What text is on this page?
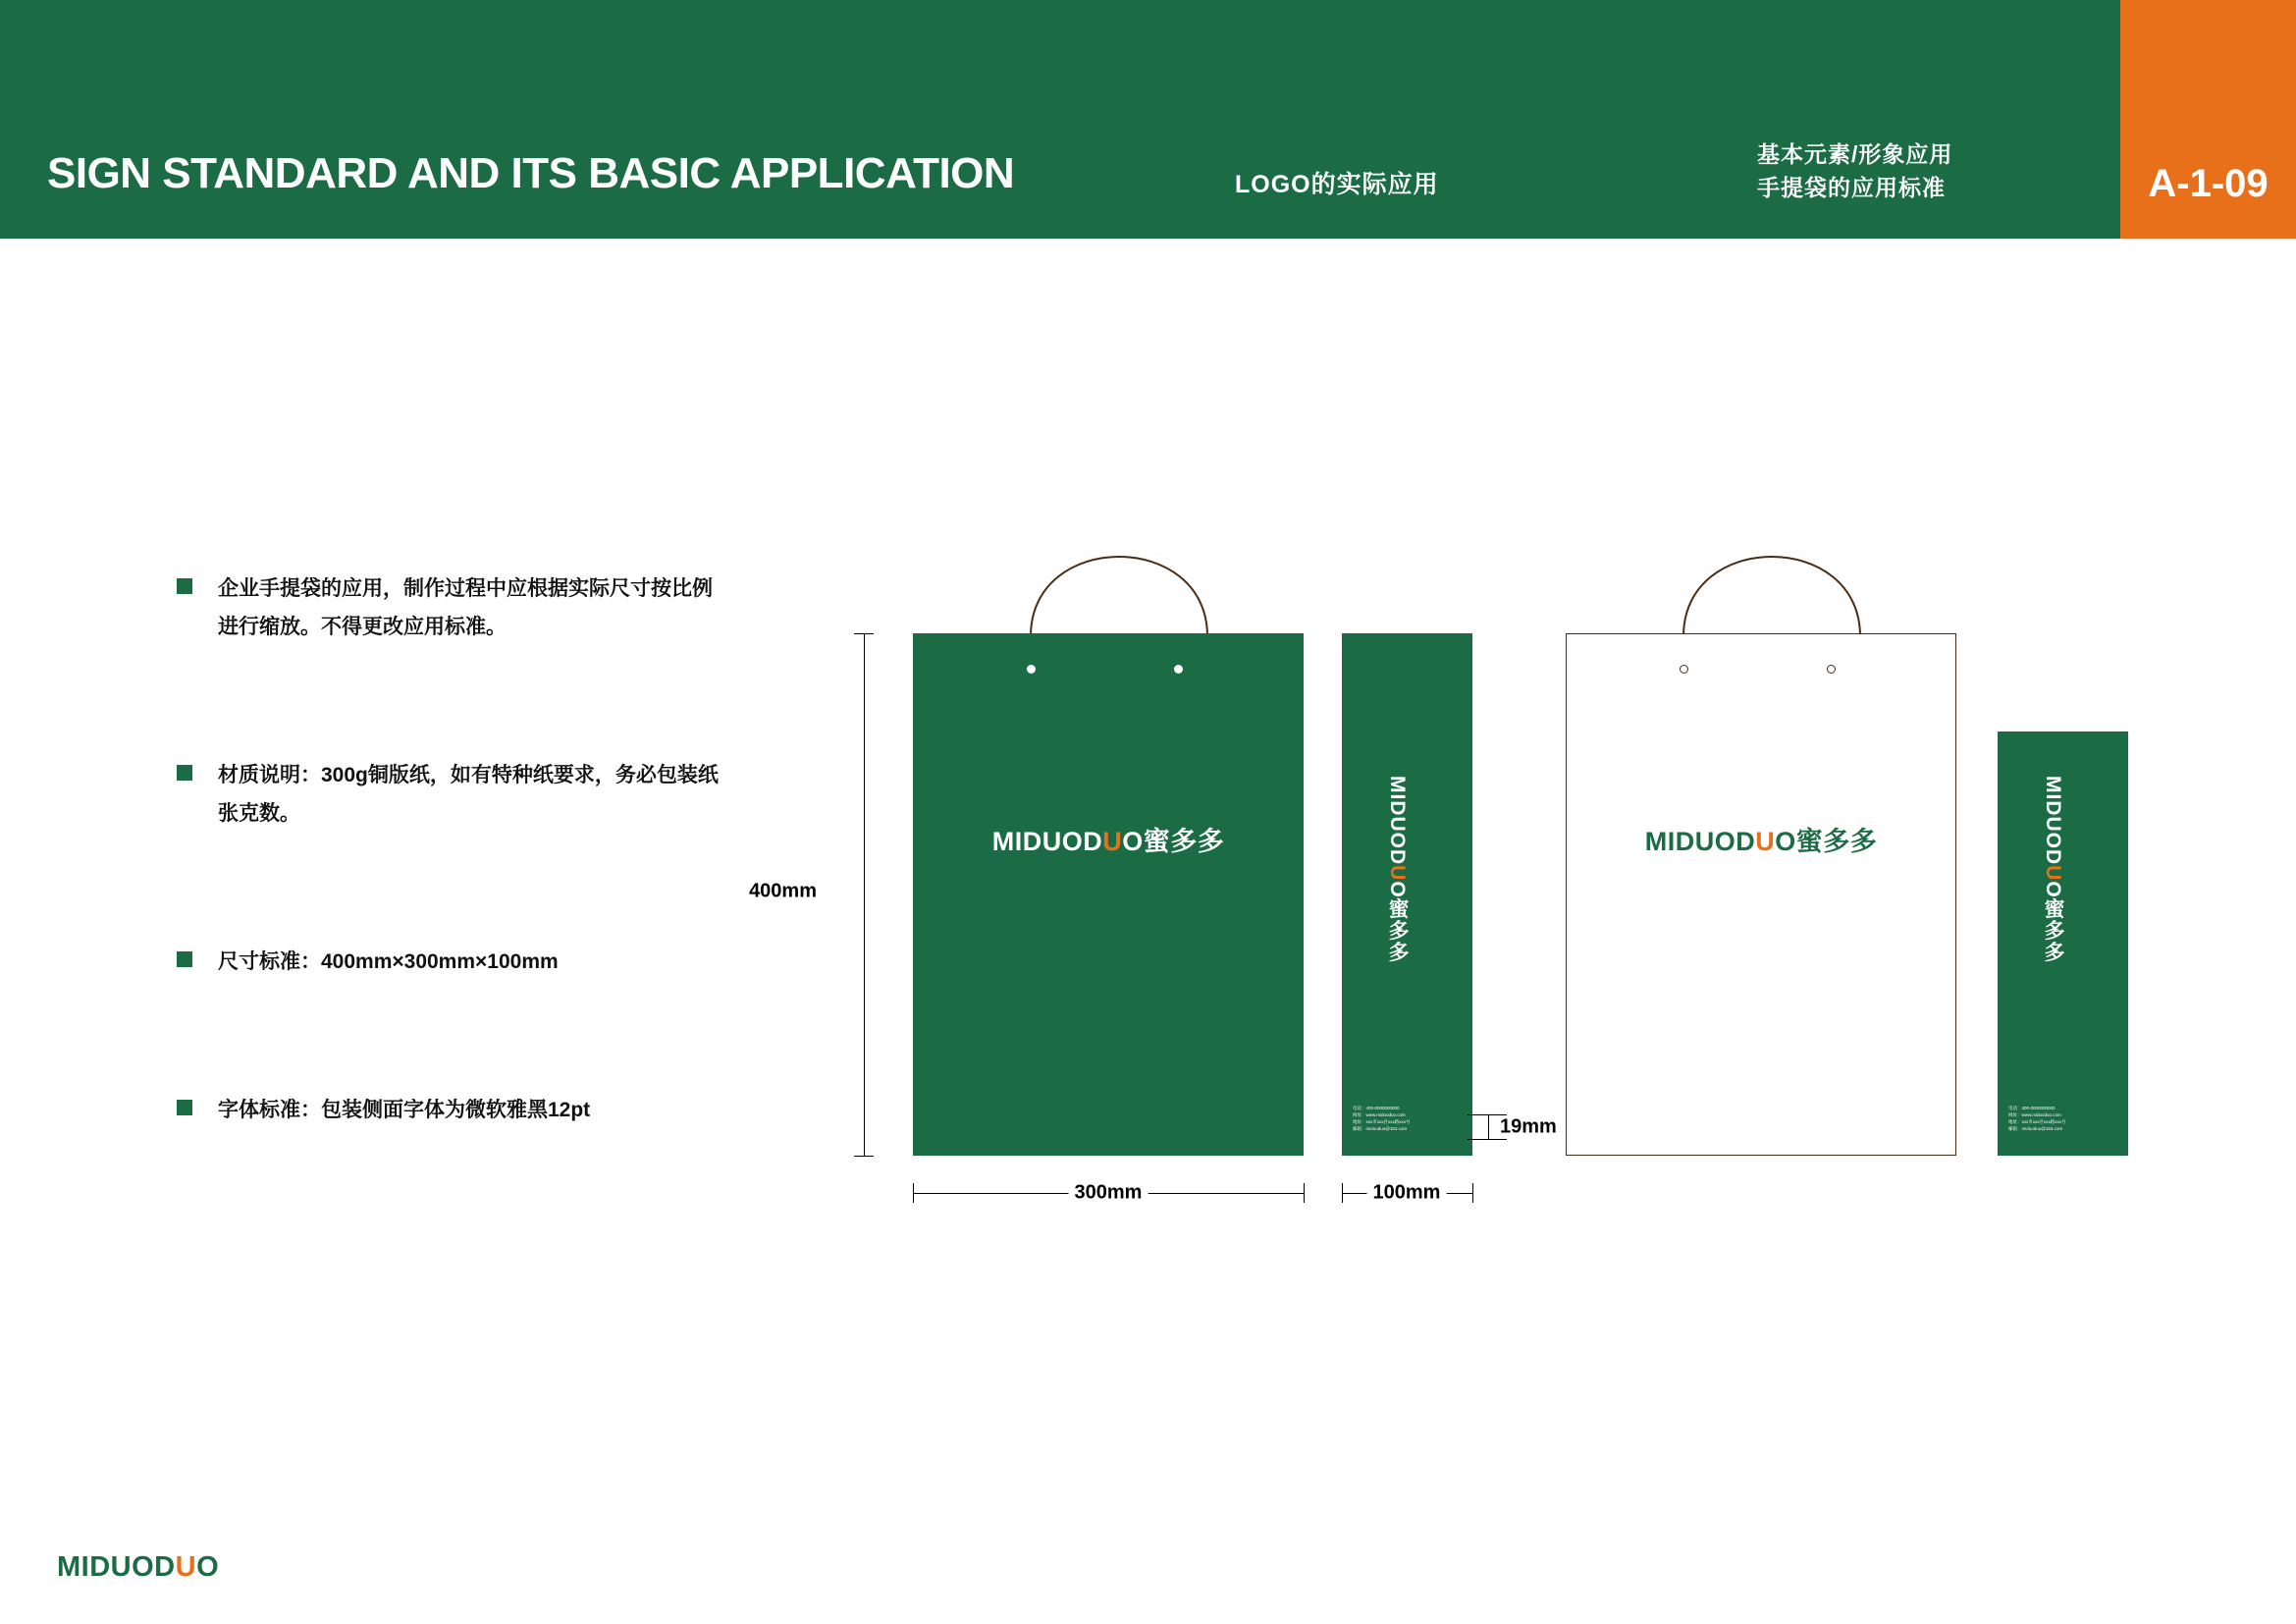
SIGN STANDARD AND ITS BASIC APPLICATION	LOGO的实际应用
基本元素/形象应用
手提袋的应用标准	A-1-09
企业手提袋的应用，制作过程中应根据实际尺寸按比例进行缩放。不得更改应用标准。
材质说明：300g铜版纸，如有特种纸要求，务必包装纸张克数。
尺寸标准：400mm×300mm×100mm
字体标准：包装侧面字体为微软雅黑12pt
MIDUODUO蜜多多	MIDUODUO蜜多多
电话：400-0000000000
网址：www.miduoduo.com
地址：xxx市xxx区xxx路xxx号
邮箱：miduoduo@163.com
MIDUODUO蜜多多	MIDUODUO蜜多多
电话：400-0000000000
网址：www.miduoduo.com
地址：xxx市xxx区xxx路xxx号
邮箱：miduoduo@163.com
400mm
300mm	100mm
19mm
MIDUODUO
